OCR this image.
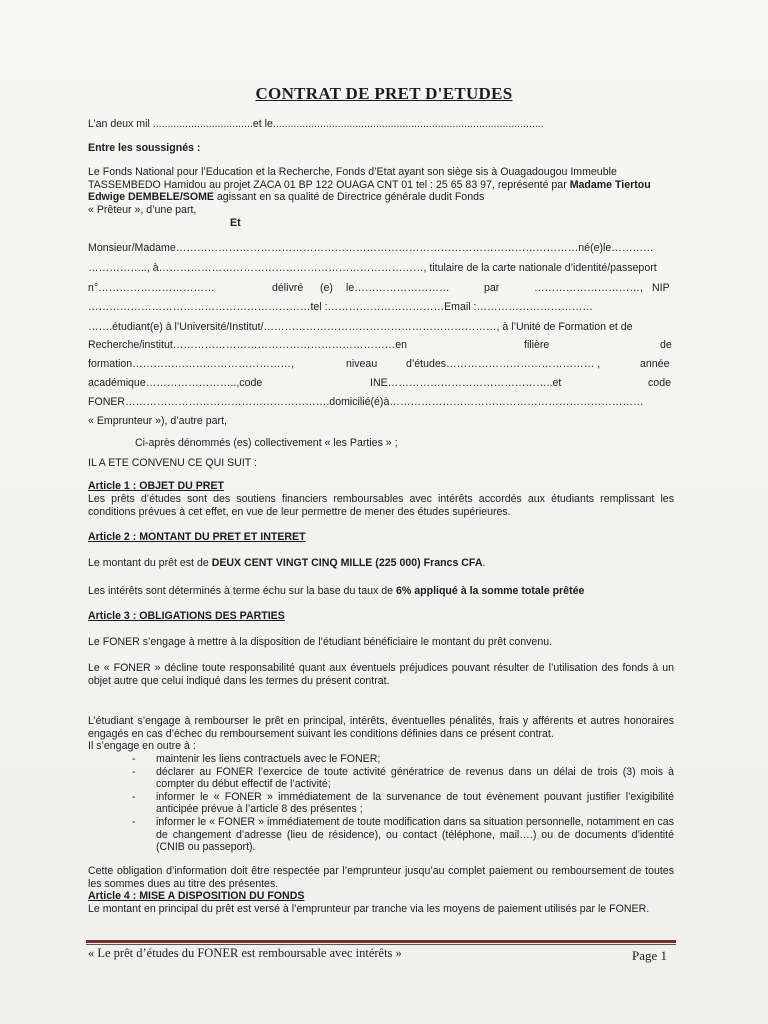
CONTRAT DE PRET D'ETUDES
L’an deux mil ..................................et le............................................................................................
Entre les soussignés :
Le Fonds National pour l’Education et la Recherche, Fonds d’Etat ayant son siège sis à Ouagadougou Immeuble TASSEMBEDO Hamidou au projet ZACA 01 BP 122 OUAGA CNT 01 tel : 25 65 83 97, représenté par Madame Tiertou Edwige DEMBELE/SOME agissant en sa qualité de Directrice générale dudit Fonds
« Prêteur », d’une part,
Et
Monsieur/Madame……………………………………………………………………………………………………né(e)le…………
…………….., à…………………………………………………………………, titulaire de la carte nationale d’identité/passeport
n°……………………………	délivré (e) le………………………	par	…………………………, NIP
………………………………………………………tel :……………………………Email :……………………………
…….étudiant(e) à l’Université/Institut/…………………………………………………………, à l’Unité de Formation et de
Recherche/institut………………………………………………………en	filière	de
formation………………………………………,	niveau	d’études…………………………………… ,	année
académique……………………..,code	INE………………………………………..et	code
FONER………………………………………………….domicilié(é)à………………………………………………………………
« Emprunteur »), d’autre part,
Ci-après dénommés (es) collectivement « les Parties » ;
IL A ETE CONVENU CE QUI SUIT :
Article 1 : OBJET DU PRET
Les prêts d’études sont des soutiens financiers remboursables avec intérêts accordés aux étudiants remplissant les conditions prévues à cet effet, en vue de leur permettre de mener des études supérieures.
Article 2 : MONTANT DU PRET ET INTERET
Le montant du prêt est de DEUX CENT VINGT CINQ MILLE (225 000) Francs CFA.
Les intérêts sont déterminés à terme échu sur la base du taux de 6% appliqué à la somme totale prêtée
Article 3 : OBLIGATIONS DES PARTIES
Le FONER s’engage à mettre à la disposition de l’étudiant bénéficiaire le montant du prêt convenu.
Le « FONER » décline toute responsabilité quant aux éventuels préjudices pouvant résulter de l’utilisation des fonds à un objet autre que celui indiqué dans les termes du présent contrat.
L’étudiant s’engage à rembourser le prêt en principal, intérêts, éventuelles pénalités, frais y afférents et autres honoraires engagés en cas d’échec du remboursement suivant les conditions définies dans ce présent contrat.
Il s’engage en outre à :
- maintenir les liens contractuels avec le FONER;
- déclarer au FONER l’exercice de toute activité génératrice de revenus dans un délai de trois (3) mois à compter du début effectif de l’activité;
- informer le « FONER » immédiatement de la survenance de tout évènement pouvant justifier l’exigibilité anticipée prévue à l’article 8 des présentes ;
- informer le « FONER » immédiatement de toute modification dans sa situation personnelle, notamment en cas de changement d’adresse (lieu de résidence), ou contact (téléphone, mail….) ou de documents d’identité (CNIB ou passeport).
Cette obligation d’information doit être respectée par l’emprunteur jusqu’au complet paiement ou remboursement de toutes les sommes dues au titre des présentes.
Article 4 : MISE A DISPOSITION DU FONDS
Le montant en principal du prêt est versé à l’emprunteur par tranche via les moyens de paiement utilisés par le FONER.
« Le prêt d’études du FONER est remboursable avec intérêts »	Page 1
